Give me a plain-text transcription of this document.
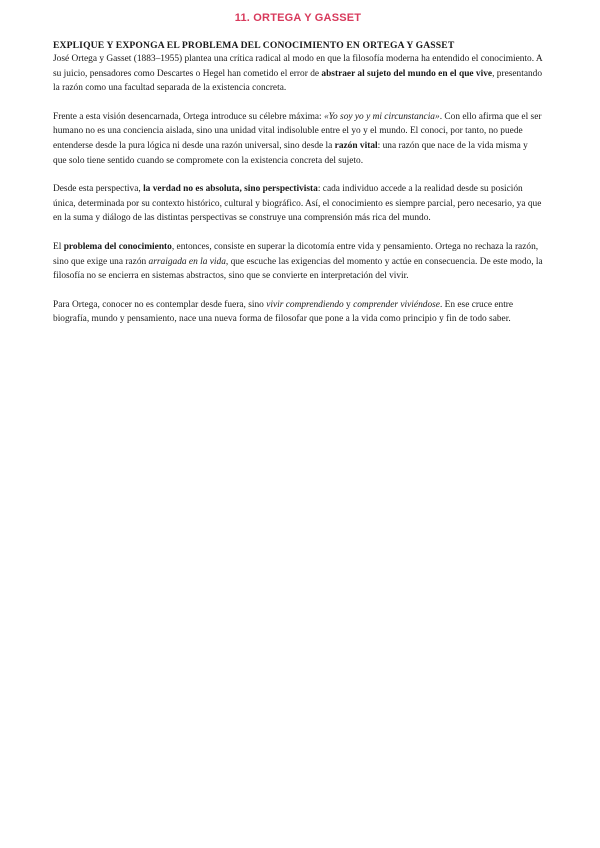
11. ORTEGA Y GASSET
EXPLIQUE Y EXPONGA EL PROBLEMA DEL CONOCIMIENTO EN ORTEGA Y GASSET

José Ortega y Gasset (1883–1955) plantea una crítica radical al modo en que la filosofía moderna ha entendido el conocimiento. A su juicio, pensadores como Descartes o Hegel han cometido el error de abstraer al sujeto del mundo en el que vive, presentando la razón como una facultad separada de la existencia concreta.

Frente a esta visión desencarnada, Ortega introduce su célebre máxima: «Yo soy yo y mi circunstancia». Con ello afirma que el ser humano no es una conciencia aislada, sino una unidad vital indisoluble entre el yo y el mundo. El conoci, por tanto, no puede entenderse desde la pura lógica ni desde una razón universal, sino desde la razón vital: una razón que nace de la vida misma y que solo tiene sentido cuando se compromete con la existencia concreta del sujeto.

Desde esta perspectiva, la verdad no es absoluta, sino perspectivista: cada individuo accede a la realidad desde su posición única, determinada por su contexto histórico, cultural y biográfico. Así, el conocimiento es siempre parcial, pero necesario, ya que en la suma y diálogo de las distintas perspectivas se construye una comprensión más rica del mundo.

El problema del conocimiento, entonces, consiste en superar la dicotomía entre vida y pensamiento. Ortega no rechaza la razón, sino que exige una razón arraigada en la vida, que escuche las exigencias del momento y actúe en consecuencia. De este modo, la filosofía no se encierra en sistemas abstractos, sino que se convierte en interpretación del vivir.

Para Ortega, conocer no es contemplar desde fuera, sino vivir comprendiendo y comprender viviéndose. En ese cruce entre biografía, mundo y pensamiento, nace una nueva forma de filosofar que pone a la vida como principio y fin de todo saber.
